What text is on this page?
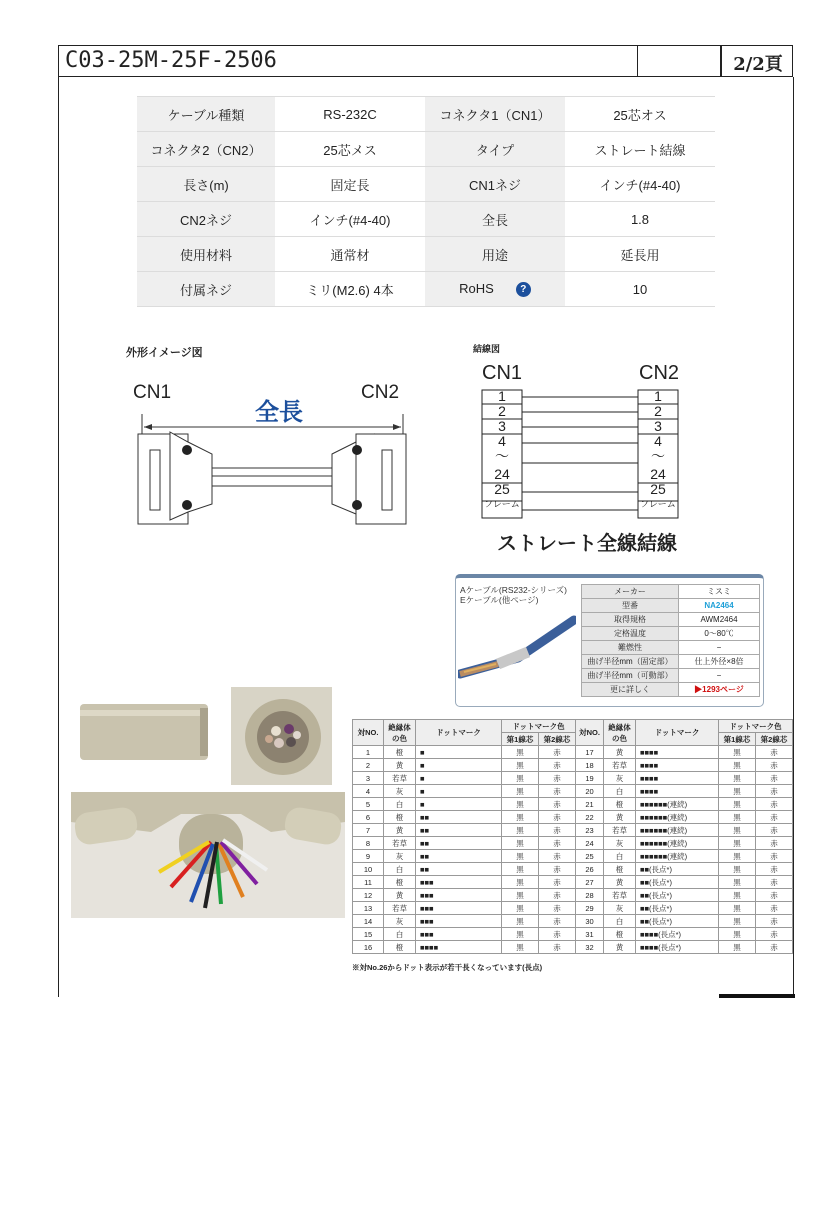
C03-25M-25F-2506	2/2頁
ケーブル種類	RS-232C	コネクタ1（CN1）	25芯オス
コネクタ2（CN2）	25芯メス	タイプ	ストレート結線
長さ(m)	固定長	CN1ネジ	インチ(#4-40)
CN2ネジ	インチ(#4-40)	全長	1.8
使用材料	通常材	用途	延長用
付属ネジ	ミリ(M2.6) 4本	RoHS ?	10
外形イメージ図
CN1	CN2
全長
結線図
CN1	CN2
1
2
3
4
〜
24
25
フレーム
1
2
3
4
〜
24
25
フレーム
ストレート全線結線
Aケーブル(RS232-シリーズ)
Eケーブル(他ページ)
メーカー	ミスミ
型番	NA2464
取得規格	AWM2464
定格温度	0〜80℃
難燃性	−
曲げ半径mm（固定部）	仕上外径×8倍
曲げ半径mm（可動部）	−
更に詳しく	▶1293ページ
対NO.	絶縁体の色	ドットマーク	ドットマーク色		対NO.	絶縁体の色	ドットマーク	ドットマーク色	
			第1線芯	第2線芯				第1線芯	第2線芯
1	橙	■	黒	赤	17	黄	■■■■	黒	赤
2	黄	■	黒	赤	18	若草	■■■■	黒	赤
3	若草	■	黒	赤	19	灰	■■■■	黒	赤
4	灰	■	黒	赤	20	白	■■■■	黒	赤
5	白	■	黒	赤	21	橙	■■■■■■(連続)	黒	赤
6	橙	■■	黒	赤	22	黄	■■■■■■(連続)	黒	赤
7	黄	■■	黒	赤	23	若草	■■■■■■(連続)	黒	赤
8	若草	■■	黒	赤	24	灰	■■■■■■(連続)	黒	赤
9	灰	■■	黒	赤	25	白	■■■■■■(連続)	黒	赤
10	白	■■	黒	赤	26	橙	■■(長点*)	黒	赤
11	橙	■■■	黒	赤	27	黄	■■(長点*)	黒	赤
12	黄	■■■	黒	赤	28	若草	■■(長点*)	黒	赤
13	若草	■■■	黒	赤	29	灰	■■(長点*)	黒	赤
14	灰	■■■	黒	赤	30	白	■■(長点*)	黒	赤
15	白	■■■	黒	赤	31	橙	■■■■(長点*)	黒	赤
16	橙	■■■■	黒	赤	32	黄	■■■■(長点*)	黒	赤
※対No.26からドット表示が若干長くなっています(長点)
